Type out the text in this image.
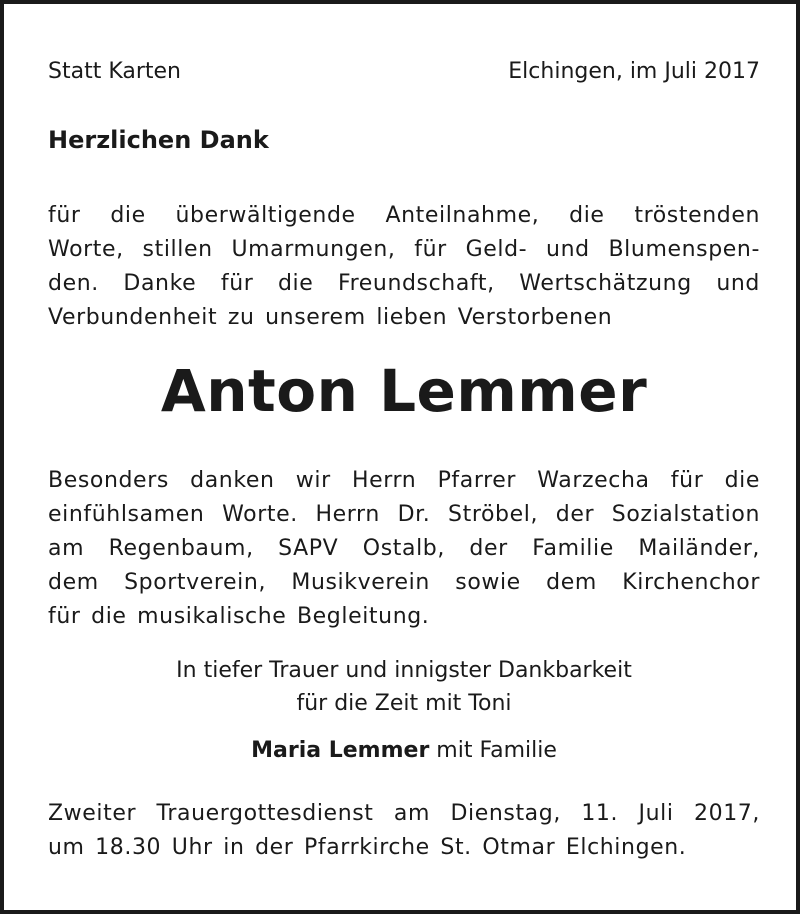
Statt Karten	Elchingen, im Juli 2017
Herzlichen Dank
für die überwältigende Anteilnahme, die tröstenden
Worte, stillen Umarmungen, für Geld- und Blumenspen-
den. Danke für die Freundschaft, Wertschätzung und
Verbundenheit zu unserem lieben Verstorbenen
Anton Lemmer
Besonders danken wir Herrn Pfarrer Warzecha für die
einfühlsamen Worte. Herrn Dr. Ströbel, der Sozialstation
am Regenbaum, SAPV Ostalb, der Familie Mailänder,
dem Sportverein, Musikverein sowie dem Kirchenchor
für die musikalische Begleitung.
In tiefer Trauer und innigster Dankbarkeit
für die Zeit mit Toni
Maria Lemmer mit Familie
Zweiter Trauergottesdienst am Dienstag, 11. Juli 2017,
um 18.30 Uhr in der Pfarrkirche St. Otmar Elchingen.
